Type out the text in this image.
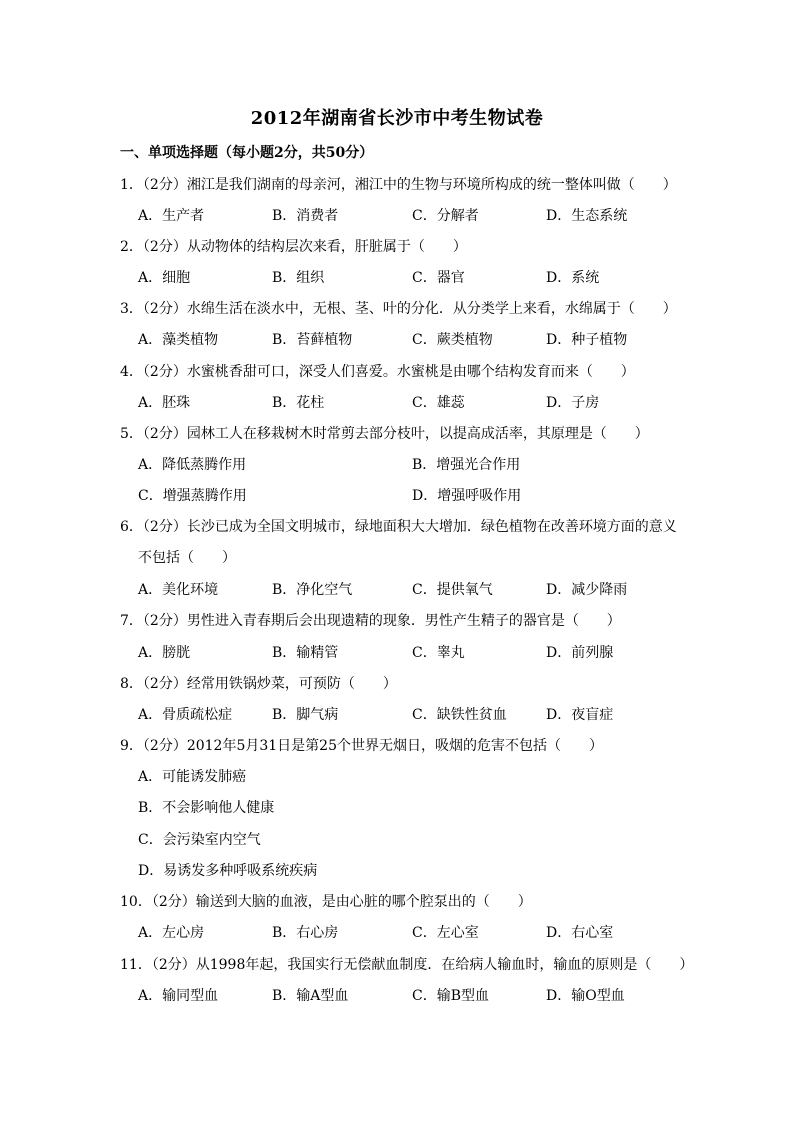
2012年湖南省长沙市中考生物试卷
一、单项选择题（每小题2分，共50分）
1．（2分）湘江是我们湖南的母亲河，湘江中的生物与环境所构成的统一整体叫做（　　）
A．生产者	B．消费者	C．分解者	D．生态系统
2．（2分）从动物体的结构层次来看，肝脏属于（　　）
A．细胞	B．组织	C．器官	D．系统
3．（2分）水绵生活在淡水中，无根、茎、叶的分化．从分类学上来看，水绵属于（　　）
A．藻类植物	B．苔藓植物	C．蕨类植物	D．种子植物
4．（2分）水蜜桃香甜可口，深受人们喜爱。水蜜桃是由哪个结构发育而来（　　）
A．胚珠	B．花柱	C．雄蕊	D．子房
5．（2分）园林工人在移栽树木时常剪去部分枝叶，以提高成活率，其原理是（　　）
A．降低蒸腾作用	B．增强光合作用
C．增强蒸腾作用	D．增强呼吸作用
6．（2分）长沙已成为全国文明城市，绿地面积大大增加．绿色植物在改善环境方面的意义
不包括（　　）
A．美化环境	B．净化空气	C．提供氧气	D．减少降雨
7．（2分）男性进入青春期后会出现遗精的现象．男性产生精子的器官是（　　）
A．膀胱	B．输精管	C．睾丸	D．前列腺
8．（2分）经常用铁锅炒菜，可预防（　　）
A．骨质疏松症	B．脚气病	C．缺铁性贫血	D．夜盲症
9．（2分）2012年5月31日是第25个世界无烟日，吸烟的危害不包括（　　）
A．可能诱发肺癌
B．不会影响他人健康
C．会污染室内空气
D．易诱发多种呼吸系统疾病
10．（2分）输送到大脑的血液，是由心脏的哪个腔泵出的（　　）
A．左心房	B．右心房	C．左心室	D．右心室
11．（2分）从1998年起，我国实行无偿献血制度．在给病人输血时，输血的原则是（　　）
A．输同型血	B．输A型血	C．输B型血	D．输O型血
